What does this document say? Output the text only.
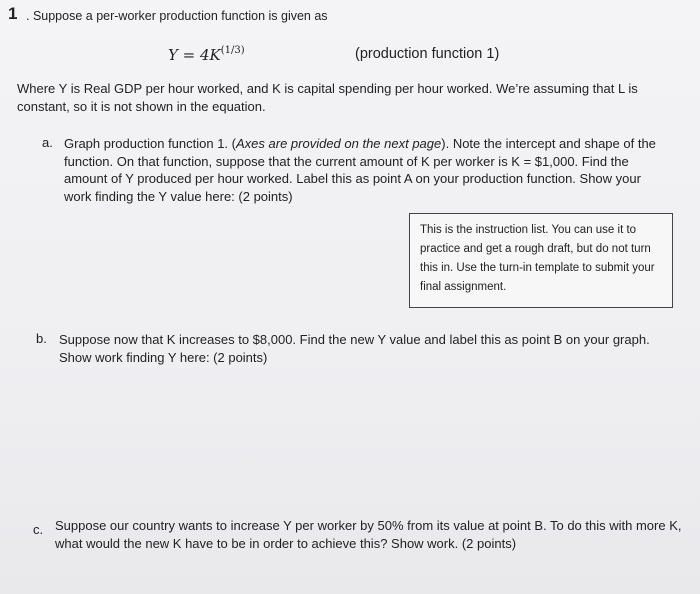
1 . Suppose a per-worker production function is given as
$Y = 4K^{(1/3)}$	(production function 1)
Where Y is Real GDP per hour worked, and K is capital spending per hour worked. We’re assuming that L is constant, so it is not shown in the equation.
a. Graph production function 1. (Axes are provided on the next page). Note the intercept and shape of the function. On that function, suppose that the current amount of K per worker is K = $1,000. Find the amount of Y produced per hour worked. Label this as point A on your production function. Show your work finding the Y value here: (2 points)
This is the instruction list. You can use it to practice and get a rough draft, but do not turn this in. Use the turn-in template to submit your final assignment.
b. Suppose now that K increases to $8,000. Find the new Y value and label this as point B on your graph. Show work finding Y here: (2 points)
c. Suppose our country wants to increase Y per worker by 50% from its value at point B. To do this with more K, what would the new K have to be in order to achieve this? Show work. (2 points)
